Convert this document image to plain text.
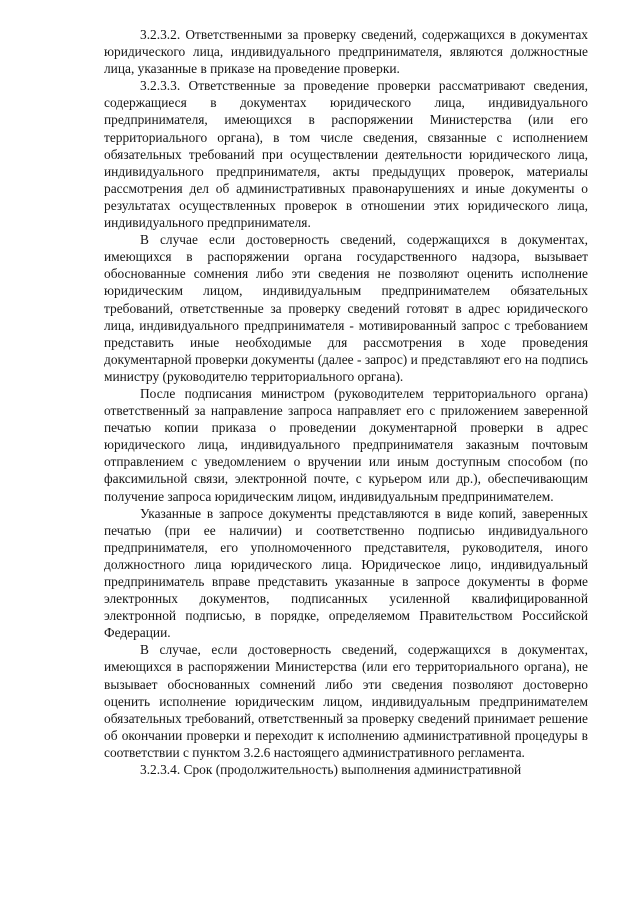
3.2.3.2. Ответственными за проверку сведений, содержащихся в документах юридического лица, индивидуального предпринимателя, являются должностные лица, указанные в приказе на проведение проверки.

3.2.3.3. Ответственные за проведение проверки рассматривают сведения, содержащиеся в документах юридического лица, индивидуального предпринимателя, имеющихся в распоряжении Министерства (или его территориального органа), в том числе сведения, связанные с исполнением обязательных требований при осуществлении деятельности юридического лица, индивидуального предпринимателя, акты предыдущих проверок, материалы рассмотрения дел об административных правонарушениях и иные документы о результатах осуществленных проверок в отношении этих юридического лица, индивидуального предпринимателя.

В случае если достоверность сведений, содержащихся в документах, имеющихся в распоряжении органа государственного надзора, вызывает обоснованные сомнения либо эти сведения не позволяют оценить исполнение юридическим лицом, индивидуальным предпринимателем обязательных требований, ответственные за проверку сведений готовят в адрес юридического лица, индивидуального предпринимателя - мотивированный запрос с требованием представить иные необходимые для рассмотрения в ходе проведения документарной проверки документы (далее - запрос) и представляют его на подпись министру (руководителю территориального органа).

После подписания министром (руководителем территориального органа) ответственный за направление запроса направляет его с приложением заверенной печатью копии приказа о проведении документарной проверки в адрес юридического лица, индивидуального предпринимателя заказным почтовым отправлением с уведомлением о вручении или иным доступным способом (по факсимильной связи, электронной почте, с курьером или др.), обеспечивающим получение запроса юридическим лицом, индивидуальным предпринимателем.

Указанные в запросе документы представляются в виде копий, заверенных печатью (при ее наличии) и соответственно подписью индивидуального предпринимателя, его уполномоченного представителя, руководителя, иного должностного лица юридического лица. Юридическое лицо, индивидуальный предприниматель вправе представить указанные в запросе документы в форме электронных документов, подписанных усиленной квалифицированной электронной подписью, в порядке, определяемом Правительством Российской Федерации.

В случае, если достоверность сведений, содержащихся в документах, имеющихся в распоряжении Министерства (или его территориального органа), не вызывает обоснованных сомнений либо эти сведения позволяют достоверно оценить исполнение юридическим лицом, индивидуальным предпринимателем обязательных требований, ответственный за проверку сведений принимает решение об окончании проверки и переходит к исполнению административной процедуры в соответствии с пунктом 3.2.6 настоящего административного регламента.

3.2.3.4. Срок (продолжительность) выполнения административной
